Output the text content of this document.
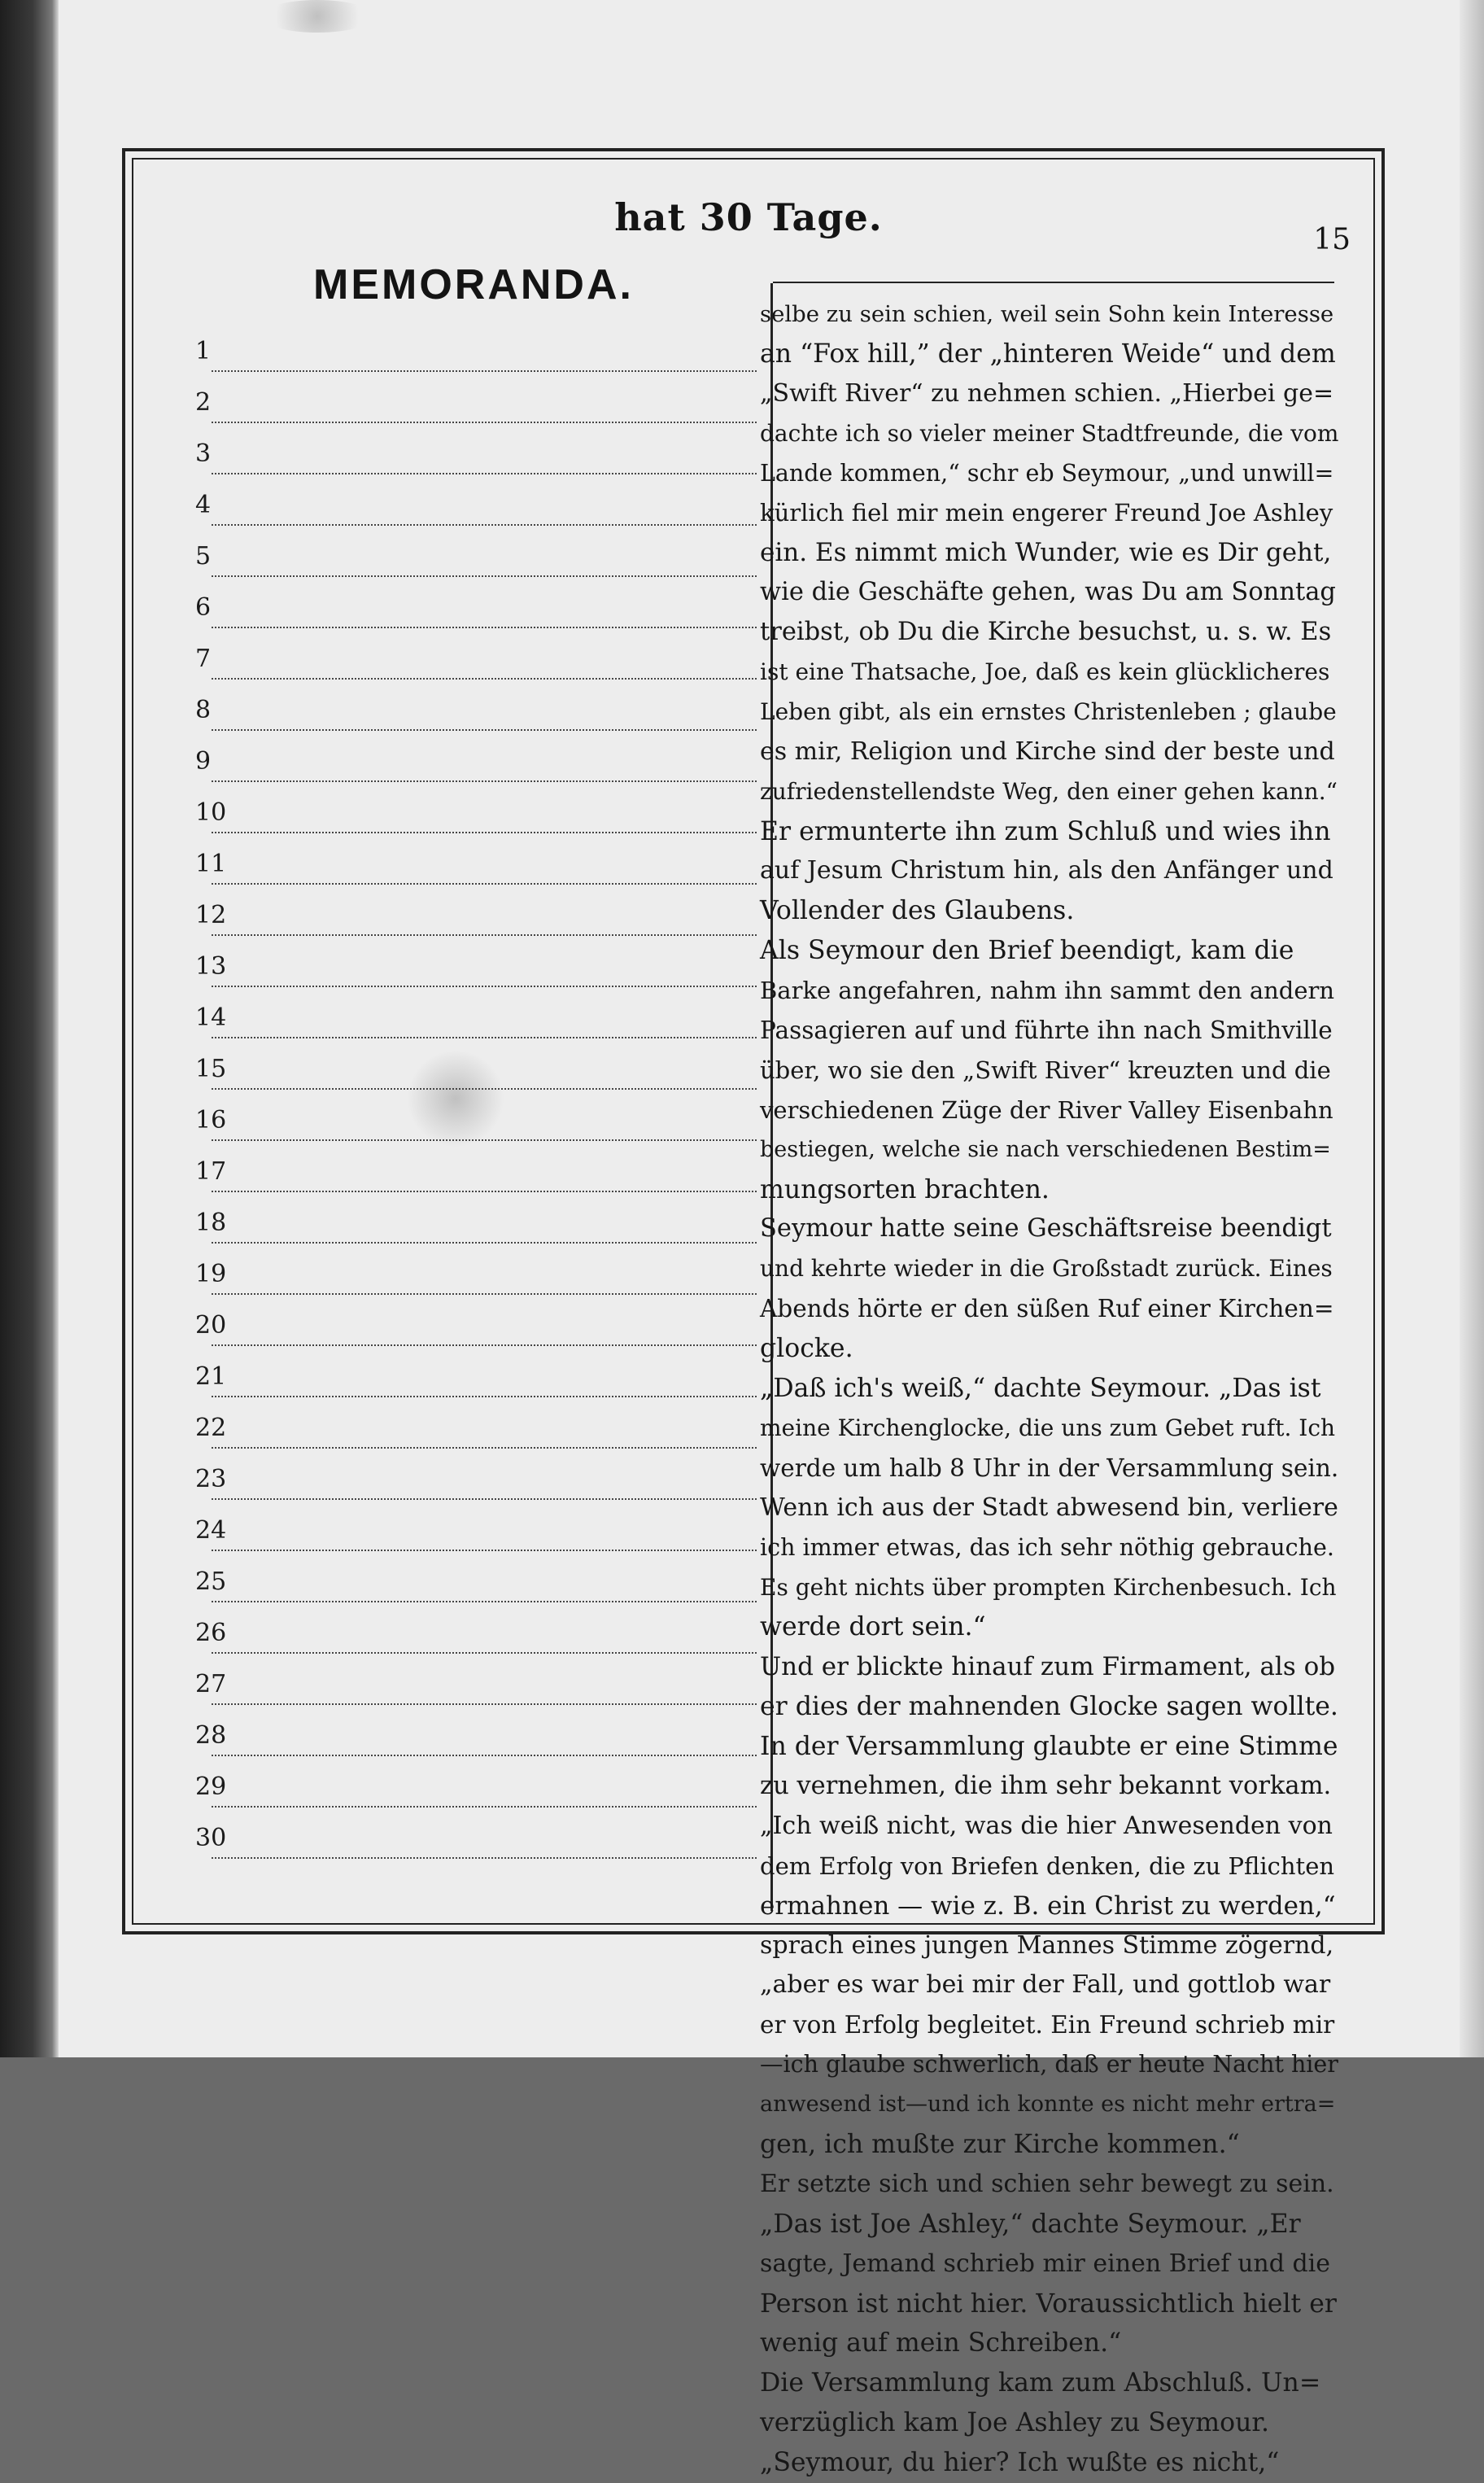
hat 30 Tage.
15
MEMORANDA.
1
2
3
4
5
6
7
8
9
10
11
12
13
14
15
16
17
18
19
20
21
22
23
24
25
26
27
28
29
30
selbe zu sein schien, weil sein Sohn kein Interesse
an “Fox hill,” der „hinteren Weide“ und dem
„Swift River“ zu nehmen schien. „Hierbei ge=
dachte ich so vieler meiner Stadtfreunde, die vom
Lande kommen,“ schr eb Seymour, „und unwill=
kürlich fiel mir mein engerer Freund Joe Ashley
ein. Es nimmt mich Wunder, wie es Dir geht,
wie die Geschäfte gehen, was Du am Sonntag
treibst, ob Du die Kirche besuchst, u. s. w. Es
ist eine Thatsache, Joe, daß es kein glücklicheres
Leben gibt, als ein ernstes Christenleben ; glaube
es mir, Religion und Kirche sind der beste und
zufriedenstellendste Weg, den einer gehen kann.“
Er ermunterte ihn zum Schluß und wies ihn
auf Jesum Christum hin, als den Anfänger und
Vollender des Glaubens.
Als Seymour den Brief beendigt, kam die
Barke angefahren, nahm ihn sammt den andern
Passagieren auf und führte ihn nach Smithville
über, wo sie den „Swift River“ kreuzten und die
verschiedenen Züge der River Valley Eisenbahn
bestiegen, welche sie nach verschiedenen Bestim=
mungsorten brachten.
Seymour hatte seine Geschäftsreise beendigt
und kehrte wieder in die Großstadt zurück. Eines
Abends hörte er den süßen Ruf einer Kirchen=
glocke.
„Daß ich's weiß,“ dachte Seymour. „Das ist
meine Kirchenglocke, die uns zum Gebet ruft. Ich
werde um halb 8 Uhr in der Versammlung sein.
Wenn ich aus der Stadt abwesend bin, verliere
ich immer etwas, das ich sehr nöthig gebrauche.
Es geht nichts über prompten Kirchenbesuch. Ich
werde dort sein.“
Und er blickte hinauf zum Firmament, als ob
er dies der mahnenden Glocke sagen wollte.
In der Versammlung glaubte er eine Stimme
zu vernehmen, die ihm sehr bekannt vorkam.
„Ich weiß nicht, was die hier Anwesenden von
dem Erfolg von Briefen denken, die zu Pflichten
ermahnen — wie z. B. ein Christ zu werden,“
sprach eines jungen Mannes Stimme zögernd,
„aber es war bei mir der Fall, und gottlob war
er von Erfolg begleitet. Ein Freund schrieb mir
—ich glaube schwerlich, daß er heute Nacht hier
anwesend ist—und ich konnte es nicht mehr ertra=
gen, ich mußte zur Kirche kommen.“
Er setzte sich und schien sehr bewegt zu sein.
„Das ist Joe Ashley,“ dachte Seymour. „Er
sagte, Jemand schrieb mir einen Brief und die
Person ist nicht hier. Voraussichtlich hielt er
wenig auf mein Schreiben.“
Die Versammlung kam zum Abschluß. Un=
verzüglich kam Joe Ashley zu Seymour.
„Seymour, du hier? Ich wußte es nicht,“
